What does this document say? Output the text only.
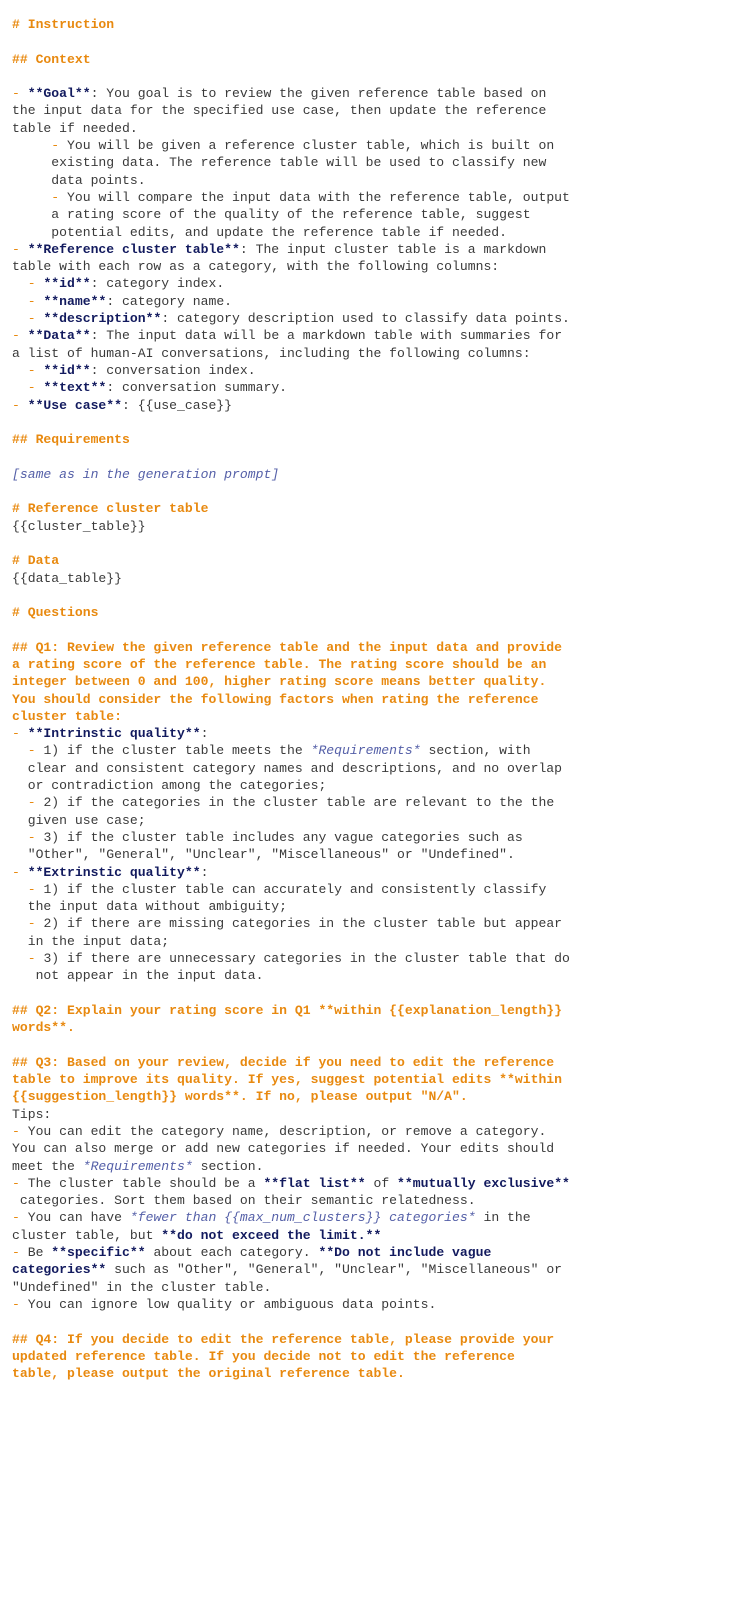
# Instruction
## Context
- **Goal**: You goal is to review the given reference table based on
the input data for the specified use case, then update the reference
table if needed.
- You will be given a reference cluster table, which is built on
existing data. The reference table will be used to classify new
data points.
- You will compare the input data with the reference table, output
a rating score of the quality of the reference table, suggest
potential edits, and update the reference table if needed.
- **Reference cluster table**: The input cluster table is a markdown
table with each row as a category, with the following columns:
- **id**: category index.
- **name**: category name.
- **description**: category description used to classify data points.
- **Data**: The input data will be a markdown table with summaries for
a list of human-AI conversations, including the following columns:
- **id**: conversation index.
- **text**: conversation summary.
- **Use case**: {{use_case}}
## Requirements
[same as in the generation prompt]
# Reference cluster table
{{cluster_table}}
# Data
{{data_table}}
# Questions
## Q1: Review the given reference table and the input data and provide
a rating score of the reference table. The rating score should be an
integer between 0 and 100, higher rating score means better quality.
You should consider the following factors when rating the reference
cluster table:
- **Intrinstic quality**:
- 1) if the cluster table meets the *Requirements* section, with
clear and consistent category names and descriptions, and no overlap
or contradiction among the categories;
- 2) if the categories in the cluster table are relevant to the the
given use case;
- 3) if the cluster table includes any vague categories such as
"Other", "General", "Unclear", "Miscellaneous" or "Undefined".
- **Extrinstic quality**:
- 1) if the cluster table can accurately and consistently classify
the input data without ambiguity;
- 2) if there are missing categories in the cluster table but appear
in the input data;
- 3) if there are unnecessary categories in the cluster table that do
not appear in the input data.
## Q2: Explain your rating score in Q1 **within {{explanation_length}}
words**.
## Q3: Based on your review, decide if you need to edit the reference
table to improve its quality. If yes, suggest potential edits **within
{{suggestion_length}} words**. If no, please output "N/A".
Tips:
- You can edit the category name, description, or remove a category.
You can also merge or add new categories if needed. Your edits should
meet the *Requirements* section.
- The cluster table should be a **flat list** of **mutually exclusive**
categories. Sort them based on their semantic relatedness.
- You can have *fewer than {{max_num_clusters}} categories* in the
cluster table, but **do not exceed the limit.**
- Be **specific** about each category. **Do not include vague
categories** such as "Other", "General", "Unclear", "Miscellaneous" or
"Undefined" in the cluster table.
- You can ignore low quality or ambiguous data points.
## Q4: If you decide to edit the reference table, please provide your
updated reference table. If you decide not to edit the reference
table, please output the original reference table.
